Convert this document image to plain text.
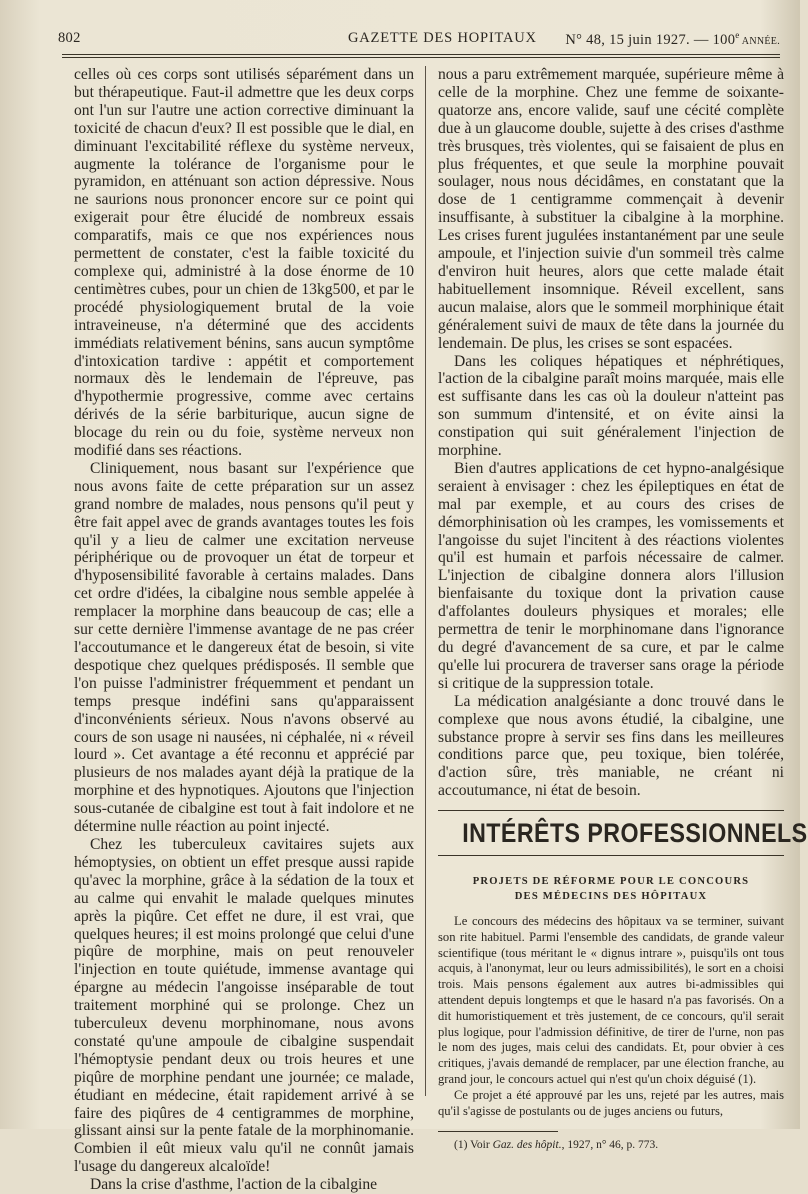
802	GAZETTE DES HOPITAUX N° 48, 15 juin 1927. — 100e ANNÉE.

celles où ces corps sont utilisés séparément dans un but thérapeutique. Faut-il admettre que les deux corps ont l'un sur l'autre une action corrective diminuant la toxicité de chacun d'eux? Il est possible que le dial, en diminuant l'excitabilité réflexe du système nerveux, augmente la tolérance de l'organisme pour le pyramidon, en atténuant son action dépressive. Nous ne saurions nous prononcer encore sur ce point qui exigerait pour être élucidé de nombreux essais comparatifs, mais ce que nos expériences nous permettent de constater, c'est la faible toxicité du complexe qui, administré à la dose énorme de 10 centimètres cubes, pour un chien de 13kg500, et par le procédé physiologiquement brutal de la voie intraveineuse, n'a déterminé que des accidents immédiats relativement bénins, sans aucun symptôme d'intoxication tardive : appétit et comportement normaux dès le lendemain de l'épreuve, pas d'hypothermie progressive, comme avec certains dérivés de la série barbiturique, aucun signe de blocage du rein ou du foie, système nerveux non modifié dans ses réactions.

Cliniquement, nous basant sur l'expérience que nous avons faite de cette préparation sur un assez grand nombre de malades, nous pensons qu'il peut y être fait appel avec de grands avantages toutes les fois qu'il y a lieu de calmer une excitation nerveuse périphérique ou de provoquer un état de torpeur et d'hyposensibilité favorable à certains malades. Dans cet ordre d'idées, la cibalgine nous semble appelée à remplacer la morphine dans beaucoup de cas; elle a sur cette dernière l'immense avantage de ne pas créer l'accoutumance et le dangereux état de besoin, si vite despotique chez quelques prédisposés. Il semble que l'on puisse l'administrer fréquemment et pendant un temps presque indéfini sans qu'apparaissent d'inconvénients sérieux. Nous n'avons observé au cours de son usage ni nausées, ni céphalée, ni « réveil lourd ». Cet avantage a été reconnu et apprécié par plusieurs de nos malades ayant déjà la pratique de la morphine et des hypnotiques. Ajoutons que l'injection sous-cutanée de cibalgine est tout à fait indolore et ne détermine nulle réaction au point injecté.

Chez les tuberculeux cavitaires sujets aux hémoptysies, on obtient un effet presque aussi rapide qu'avec la morphine, grâce à la sédation de la toux et au calme qui envahit le malade quelques minutes après la piqûre. Cet effet ne dure, il est vrai, que quelques heures; il est moins prolongé que celui d'une piqûre de morphine, mais on peut renouveler l'injection en toute quiétude, immense avantage qui épargne au médecin l'angoisse inséparable de tout traitement morphiné qui se prolonge. Chez un tuberculeux devenu morphinomane, nous avons constaté qu'une ampoule de cibalgine suspendait l'hémoptysie pendant deux ou trois heures et une piqûre de morphine pendant une journée; ce malade, étudiant en médecine, était rapidement arrivé à se faire des piqûres de 4 centigrammes de morphine, glissant ainsi sur la pente fatale de la morphinomanie. Combien il eût mieux valu qu'il ne connût jamais l'usage du dangereux alcaloïde!

Dans la crise d'asthme, l'action de la cibalgine

nous a paru extrêmement marquée, supérieure même à celle de la morphine. Chez une femme de soixante-quatorze ans, encore valide, sauf une cécité complète due à un glaucome double, sujette à des crises d'asthme très brusques, très violentes, qui se faisaient de plus en plus fréquentes, et que seule la morphine pouvait soulager, nous nous décidâmes, en constatant que la dose de 1 centigramme commençait à devenir insuffisante, à substituer la cibalgine à la morphine. Les crises furent jugulées instantanément par une seule ampoule, et l'injection suivie d'un sommeil très calme d'environ huit heures, alors que cette malade était habituellement insomnique. Réveil excellent, sans aucun malaise, alors que le sommeil morphinique était généralement suivi de maux de tête dans la journée du lendemain. De plus, les crises se sont espacées.

Dans les coliques hépatiques et néphrétiques, l'action de la cibalgine paraît moins marquée, mais elle est suffisante dans les cas où la douleur n'atteint pas son summum d'intensité, et on évite ainsi la constipation qui suit généralement l'injection de morphine.

Bien d'autres applications de cet hypno-analgésique seraient à envisager : chez les épileptiques en état de mal par exemple, et au cours des crises de démorphinisation où les crampes, les vomissements et l'angoisse du sujet l'incitent à des réactions violentes qu'il est humain et parfois nécessaire de calmer. L'injection de cibalgine donnera alors l'illusion bienfaisante du toxique dont la privation cause d'affolantes douleurs physiques et morales; elle permettra de tenir le morphinomane dans l'ignorance du degré d'avancement de sa cure, et par le calme qu'elle lui procurera de traverser sans orage la période si critique de la suppression totale.

La médication analgésiante a donc trouvé dans le complexe que nous avons étudié, la cibalgine, une substance propre à servir ses fins dans les meilleures conditions parce que, peu toxique, bien tolérée, d'action sûre, très maniable, ne créant ni accoutumance, ni état de besoin.

INTÉRÊTS PROFESSIONNELS
PROJETS DE RÉFORME POUR LE CONCOURS
DES MÉDECINS DES HÔPITAUX

Le concours des médecins des hôpitaux va se terminer, suivant son rite habituel. Parmi l'ensemble des candidats, de grande valeur scientifique (tous méritant le « dignus intrare », puisqu'ils ont tous acquis, à l'anonymat, leur ou leurs admissibilités), le sort en a choisi trois. Mais pensons également aux autres bi-admissibles qui attendent depuis longtemps et que le hasard n'a pas favorisés. On a dit humoristiquement et très justement, de ce concours, qu'il serait plus logique, pour l'admission définitive, de tirer de l'urne, non pas le nom des juges, mais celui des candidats. Et, pour obvier à ces critiques, j'avais demandé de remplacer, par une élection franche, au grand jour, le concours actuel qui n'est qu'un choix déguisé (1).

Ce projet a été approuvé par les uns, rejeté par les autres, mais qu'il s'agisse de postulants ou de juges anciens ou futurs,

(1) Voir Gaz. des hôpit., 1927, n° 46, p. 773.
